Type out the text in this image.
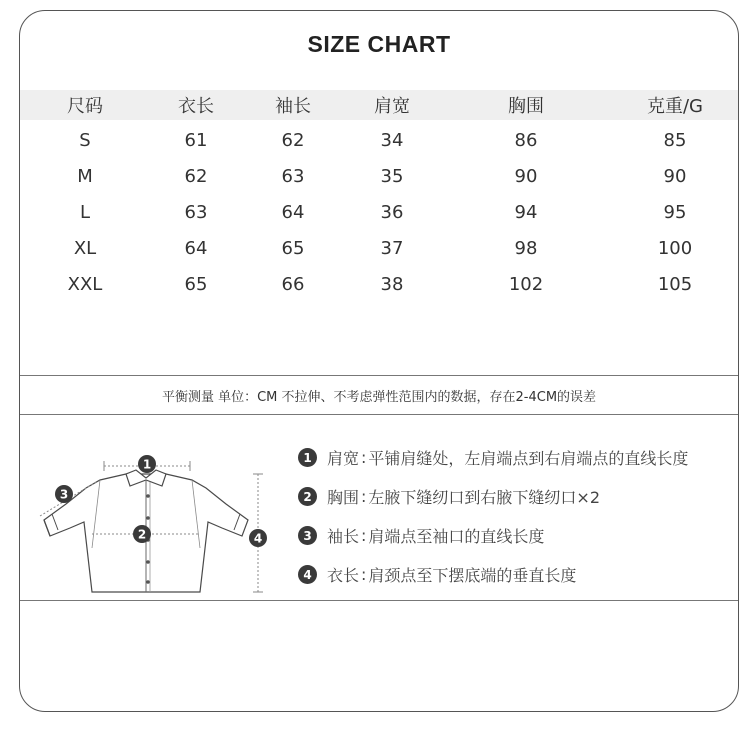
SIZE CHART
尺码	衣长	袖长	肩宽	胸围	克重/G
S	61	62	34	86	85
M	62	63	35	90	90
L	63	64	36	94	95
XL	64	65	37	98	100
XXL	65	66	38	102	105
平衡测量 单位：CM 不拉伸、不考虑弹性范围内的数据，存在2-4CM的误差
1
3
2	4
1 肩宽 : 平铺肩缝处，左肩端点到右肩端点的直线长度
2 胸围 : 左腋下缝纫口到右腋下缝纫口×2
3 袖长 : 肩端点至袖口的直线长度
4 衣长 : 肩颈点至下摆底端的垂直长度
